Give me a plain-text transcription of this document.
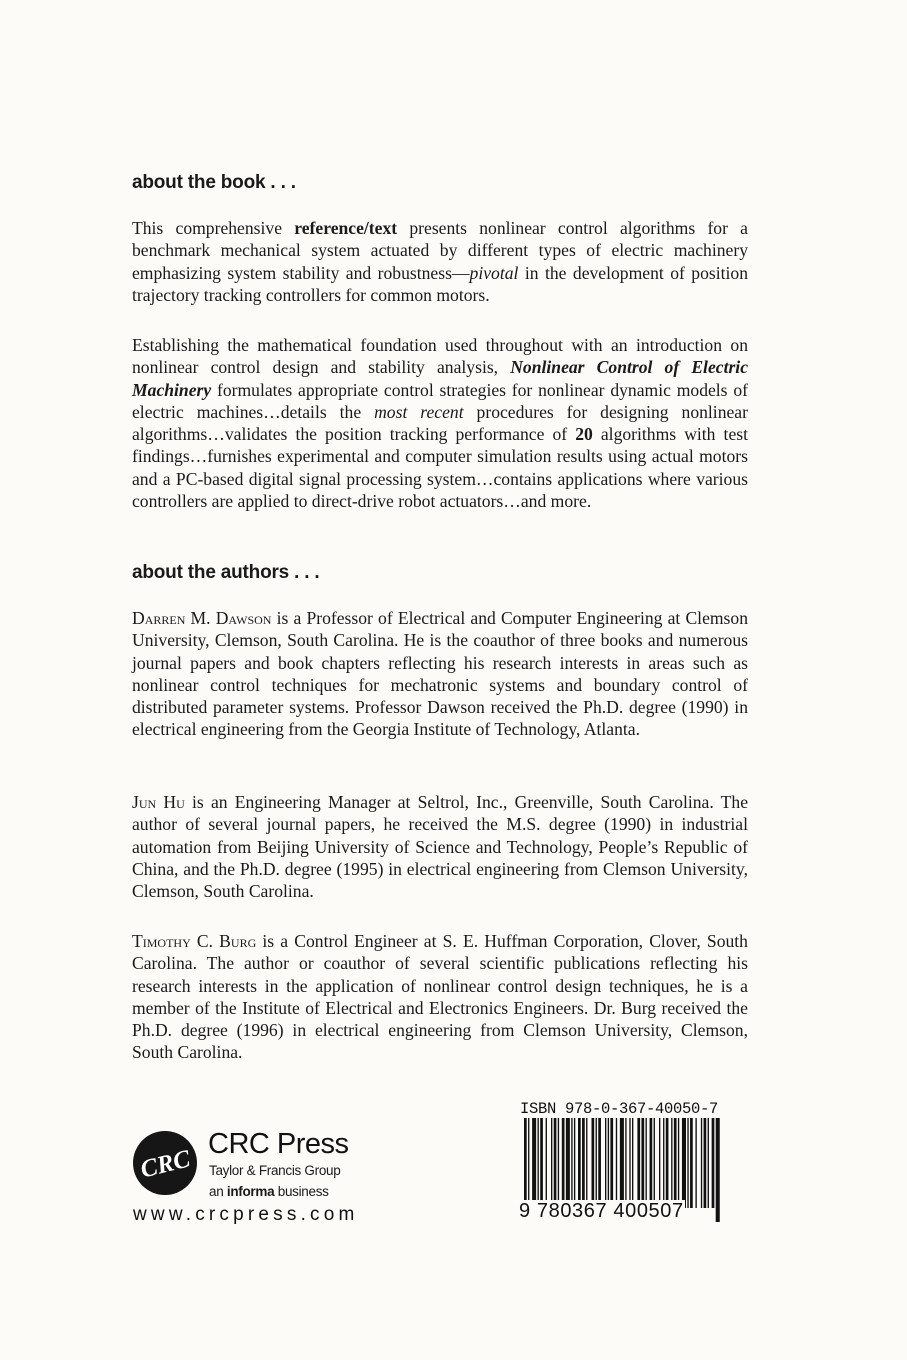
about the book . . .

This comprehensive reference/text presents nonlinear control algorithms for a benchmark mechanical system actuated by different types of electric machinery emphasizing system stability and robustness—pivotal in the development of position trajectory tracking controllers for common motors.

Establishing the mathematical foundation used throughout with an introduction on nonlinear control design and stability analysis, Nonlinear Control of Electric Machinery formulates appropriate control strategies for nonlinear dynamic models of electric machines…details the most recent procedures for designing nonlinear algorithms…validates the position tracking performance of 20 algorithms with test findings…furnishes experimental and computer simulation results using actual motors and a PC-based digital signal processing system…contains applications where various controllers are applied to direct-drive robot actuators…and more.

about the authors . . .

Darren M. Dawson is a Professor of Electrical and Computer Engineering at Clemson University, Clemson, South Carolina. He is the coauthor of three books and numerous journal papers and book chapters reflecting his research interests in areas such as nonlinear control techniques for mechatronic systems and boundary control of distributed parameter systems. Professor Dawson received the Ph.D. degree (1990) in electrical engineering from the Georgia Institute of Technology, Atlanta.

Jun Hu is an Engineering Manager at Seltrol, Inc., Greenville, South Carolina. The author of several journal papers, he received the M.S. degree (1990) in industrial automation from Beijing University of Science and Technology, People’s Republic of China, and the Ph.D. degree (1995) in electrical engineering from Clemson University, Clemson, South Carolina.

Timothy C. Burg is a Control Engineer at S. E. Huffman Corporation, Clover, South Carolina. The author or coauthor of several scientific publications reflecting his research interests in the application of nonlinear control design techniques, he is a member of the Institute of Electrical and Electronics Engineers. Dr. Burg received the Ph.D. degree (1996) in electrical engineering from Clemson University, Clemson, South Carolina.

CRC
CRC Press
Taylor & Francis Group
an informa business
www.crcpress.com
ISBN 978-0-367-40050-7
9 780367 400507
